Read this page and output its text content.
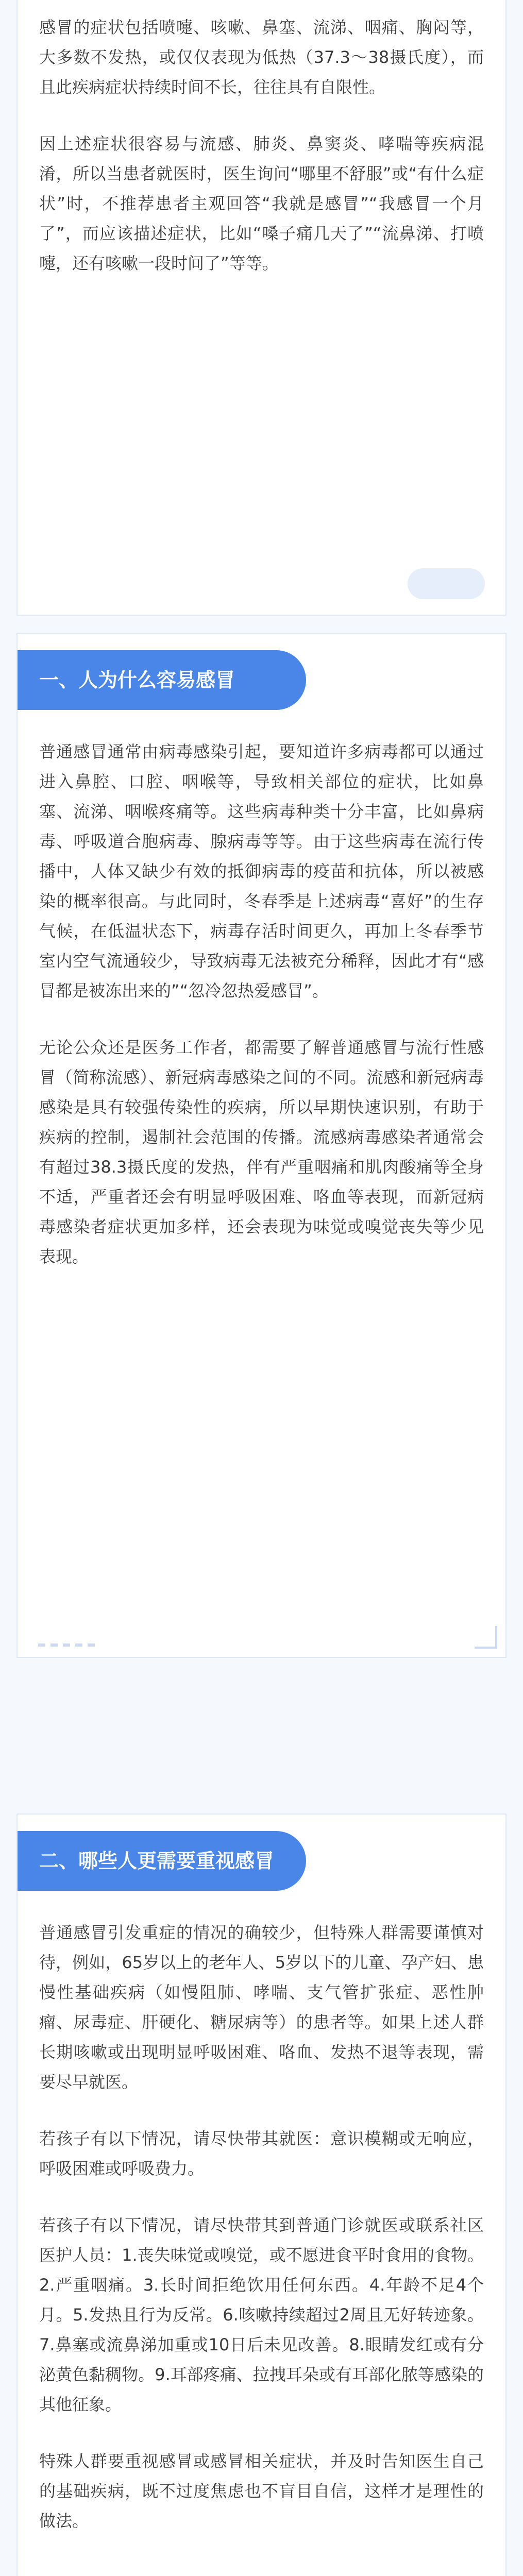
感冒的症状包括喷嚏、咳嗽、鼻塞、流涕、咽痛、胸闷等，大多数不发热，或仅仅表现为低热（37.3～38摄氏度），而且此疾病症状持续时间不长，往往具有自限性。

因上述症状很容易与流感、肺炎、鼻窦炎、哮喘等疾病混淆，所以当患者就医时，医生询问“哪里不舒服”或“有什么症状”时，不推荐患者主观回答“我就是感冒”“我感冒一个月了”，而应该描述症状，比如“嗓子痛几天了”“流鼻涕、打喷嚏，还有咳嗽一段时间了”等等。

一、人为什么容易感冒

普通感冒通常由病毒感染引起，要知道许多病毒都可以通过进入鼻腔、口腔、咽喉等，导致相关部位的症状，比如鼻塞、流涕、咽喉疼痛等。这些病毒种类十分丰富，比如鼻病毒、呼吸道合胞病毒、腺病毒等等。由于这些病毒在流行传播中，人体又缺少有效的抵御病毒的疫苗和抗体，所以被感染的概率很高。与此同时，冬春季是上述病毒“喜好”的生存气候，在低温状态下，病毒存活时间更久，再加上冬春季节室内空气流通较少，导致病毒无法被充分稀释，因此才有“感冒都是被冻出来的”“忽冷忽热爱感冒”。

无论公众还是医务工作者，都需要了解普通感冒与流行性感冒（简称流感）、新冠病毒感染之间的不同。流感和新冠病毒感染是具有较强传染性的疾病，所以早期快速识别，有助于疾病的控制，遏制社会范围的传播。流感病毒感染者通常会有超过38.3摄氏度的发热，伴有严重咽痛和肌肉酸痛等全身不适，严重者还会有明显呼吸困难、咯血等表现，而新冠病毒感染者症状更加多样，还会表现为味觉或嗅觉丧失等少见表现。

二、哪些人更需要重视感冒

普通感冒引发重症的情况的确较少，但特殊人群需要谨慎对待，例如，65岁以上的老年人、5岁以下的儿童、孕产妇、患慢性基础疾病（如慢阻肺、哮喘、支气管扩张症、恶性肿瘤、尿毒症、肝硬化、糖尿病等）的患者等。如果上述人群长期咳嗽或出现明显呼吸困难、咯血、发热不退等表现，需要尽早就医。

若孩子有以下情况，请尽快带其就医：意识模糊或无响应，呼吸困难或呼吸费力。

若孩子有以下情况，请尽快带其到普通门诊就医或联系社区医护人员：1.丧失味觉或嗅觉，或不愿进食平时食用的食物。2.严重咽痛。3.长时间拒绝饮用任何东西。4.年龄不足4个月。5.发热且行为反常。6.咳嗽持续超过2周且无好转迹象。7.鼻塞或流鼻涕加重或10日后未见改善。8.眼睛发红或有分泌黄色黏稠物。9.耳部疼痛、拉拽耳朵或有耳部化脓等感染的其他征象。

特殊人群要重视感冒或感冒相关症状，并及时告知医生自己的基础疾病，既不过度焦虑也不盲目自信，这样才是理性的做法。
